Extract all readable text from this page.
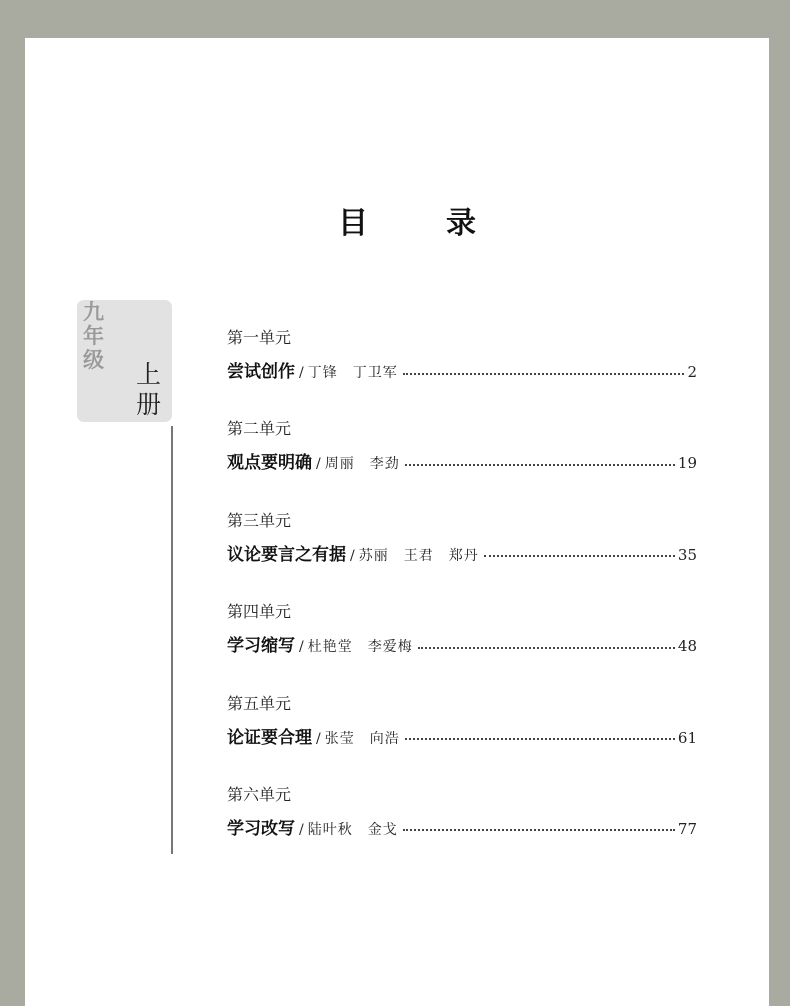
目　录
九年级 上册
第一单元
尝试创作 / 丁锋　丁卫军	2
第二单元
观点要明确 / 周丽　李劲	19
第三单元
议论要言之有据 / 苏丽　王君　郑丹	35
第四单元
学习缩写 / 杜艳堂　李爱梅	48
第五单元
论证要合理 / 张莹　向浩	61
第六单元
学习改写 / 陆叶秋　金戈	77
